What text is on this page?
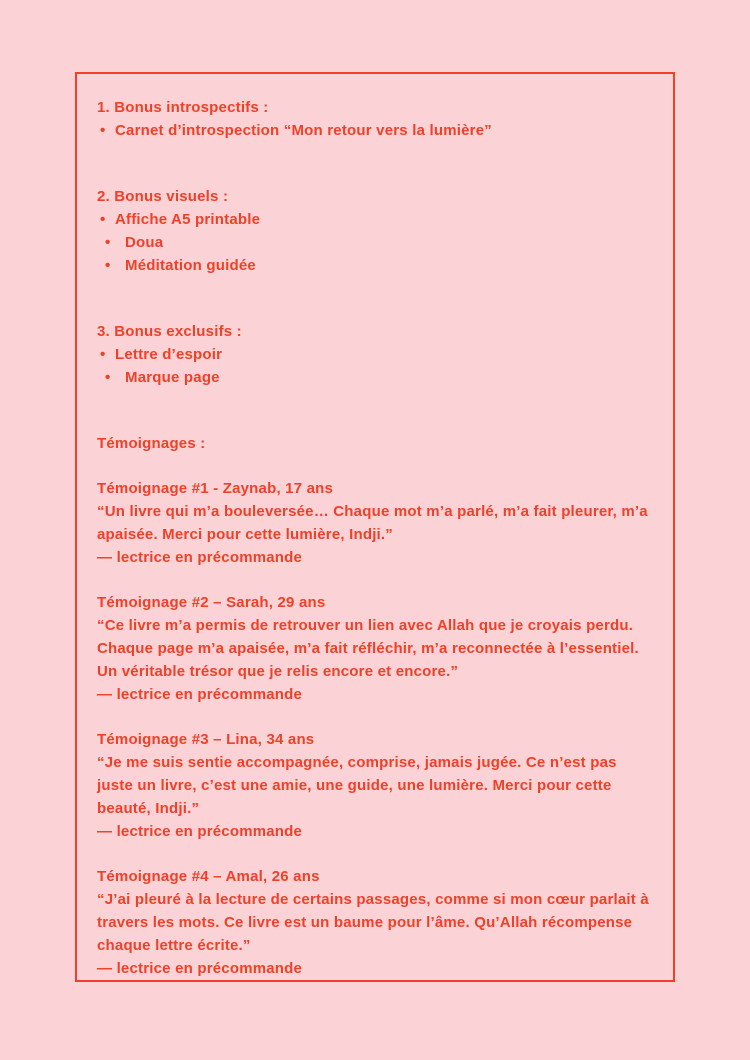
1. Bonus introspectifs :

• Carnet d’introspection “Mon retour vers la lumière”

2. Bonus visuels :

• Affiche A5 printable
• Doua
• Méditation guidée

3. Bonus exclusifs :

• Lettre d’espoir
• Marque page

Témoignages :

Témoignage #1 - Zaynab, 17 ans

“Un livre qui m’a bouleversée… Chaque mot m’a parlé, m’a fait pleurer, m’a apaisée. Merci pour cette lumière, Indji.”

— lectrice en précommande

Témoignage #2 – Sarah, 29 ans

“Ce livre m’a permis de retrouver un lien avec Allah que je croyais perdu. Chaque page m’a apaisée, m’a fait réfléchir, m’a reconnectée à l’essentiel. Un véritable trésor que je relis encore et encore.”

— lectrice en précommande

Témoignage #3 – Lina, 34 ans

“Je me suis sentie accompagnée, comprise, jamais jugée. Ce n’est pas juste un livre, c’est une amie, une guide, une lumière. Merci pour cette beauté, Indji.”

— lectrice en précommande

Témoignage #4 – Amal, 26 ans

“J’ai pleuré à la lecture de certains passages, comme si mon cœur parlait à travers les mots. Ce livre est un baume pour l’âme. Qu’Allah récompense chaque lettre écrite.”

— lectrice en précommande
